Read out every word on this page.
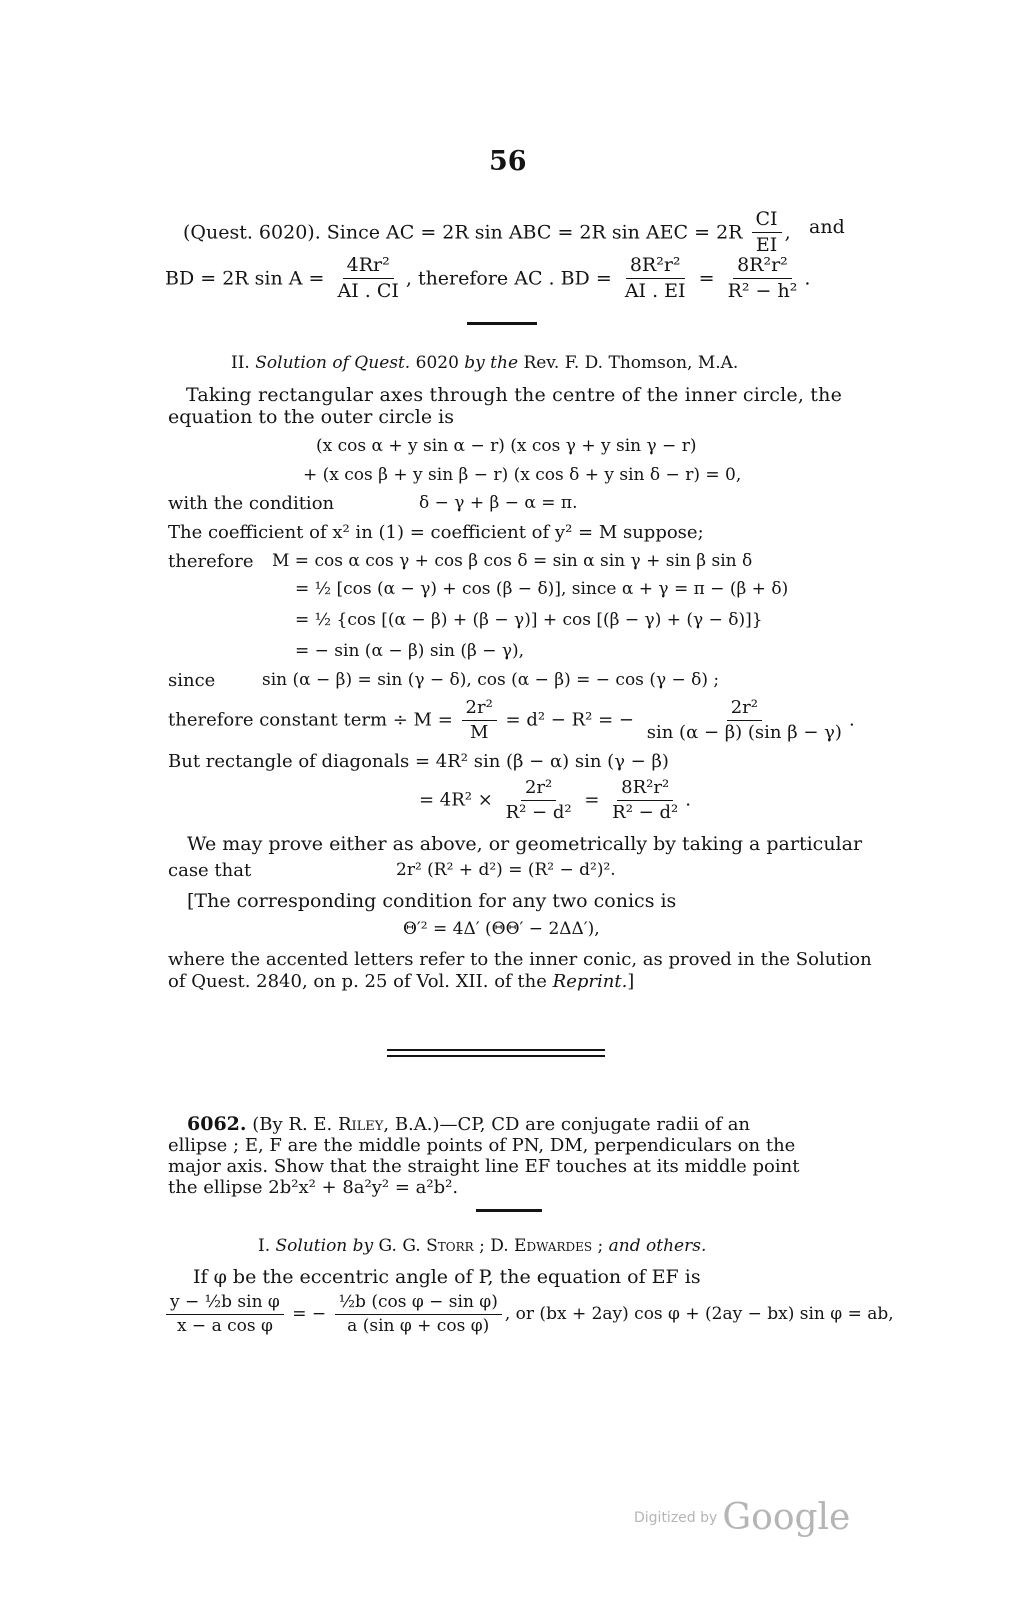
56
(Quest. 6020). Since AC = 2R sin ABC = 2R sin AEC = $2R \frac{CI}{EI}$ , and
BD = 2R $\sin A = \frac{\text{4Rr²}}{AI . CI}$ , therefore AC . BD = $\frac{\text{8R²r²}}{AI . EI} = \frac{\text{8R²r²}}{\text{R² − h²}}$ .
II. Solution of Quest. 6020 by the Rev. F. D. Thomson, M.A.
Taking rectangular axes through the centre of the inner circle, the
equation to the outer circle is
(x cos α + y sin α − r) (x cos γ + y sin γ − r)
+ (x cos β + y sin β − r) (x cos δ + y sin δ − r) = 0,
with the condition	δ − γ + β − α = π.
The coefficient of x² in (1) = coefficient of y² = M suppose;
therefore M = cos α cos γ + cos β cos δ = sin α sin γ + sin β sin δ
= ½ [cos (α − γ) + cos (β − δ)], since α + γ = π − (β + δ)
= ½ {cos [(α − β) + (β − γ)] + cos [(β − γ) + (γ − δ)]}
= − sin (α − β) sin (β − γ),
since	sin (α − β) = sin (γ − δ), cos (α − β) = − cos (γ − δ) ;
therefore constant term ÷ $M = \frac{\text{2r²}}{M} = d^2 - R^2$ = − $\frac{\text{2r²}}{\text{sin (α − β) (sin β − γ)}}$ .
But rectangle of diagonals = 4R² sin (β − α) sin (γ − β)
= $4R^2 \times \frac{\text{2r²}}{\text{R² − d²}} = \frac{\text{8R²r²}}{\text{R² − d²}}$ .
We may prove either as above, or geometrically by taking a particular
case that	2r² (R² + d²) = (R² − d²)².
[The corresponding condition for any two conics is
Θ′² = 4Δ′ (ΘΘ′ − 2ΔΔ′),
where the accented letters refer to the inner conic, as proved in the Solution
of Quest. 2840, on p. 25 of Vol. XII. of the Reprint.]
6062. (By R. E. Riley, B.A.)—CP, CD are conjugate radii of an
ellipse ; E, F are the middle points of PN, DM, perpendiculars on the
major axis. Show that the straight line EF touches at its middle point
the ellipse 2b²x² + 8a²y² = a²b².
I. Solution by G. G. Storr ; D. Edwardes ; and others.
If φ be the eccentric angle of P, the equation of EF is
$\frac{\text{y − ½b sin φ}}{\text{x − a cos φ}}$ = − $\frac{\text{½b (cos φ − sin φ)}}{\text{a (sin φ + cos φ)}}$ , or (bx + 2ay) cos φ + (2ay − bx) sin φ = ab,
Digitized by Google
